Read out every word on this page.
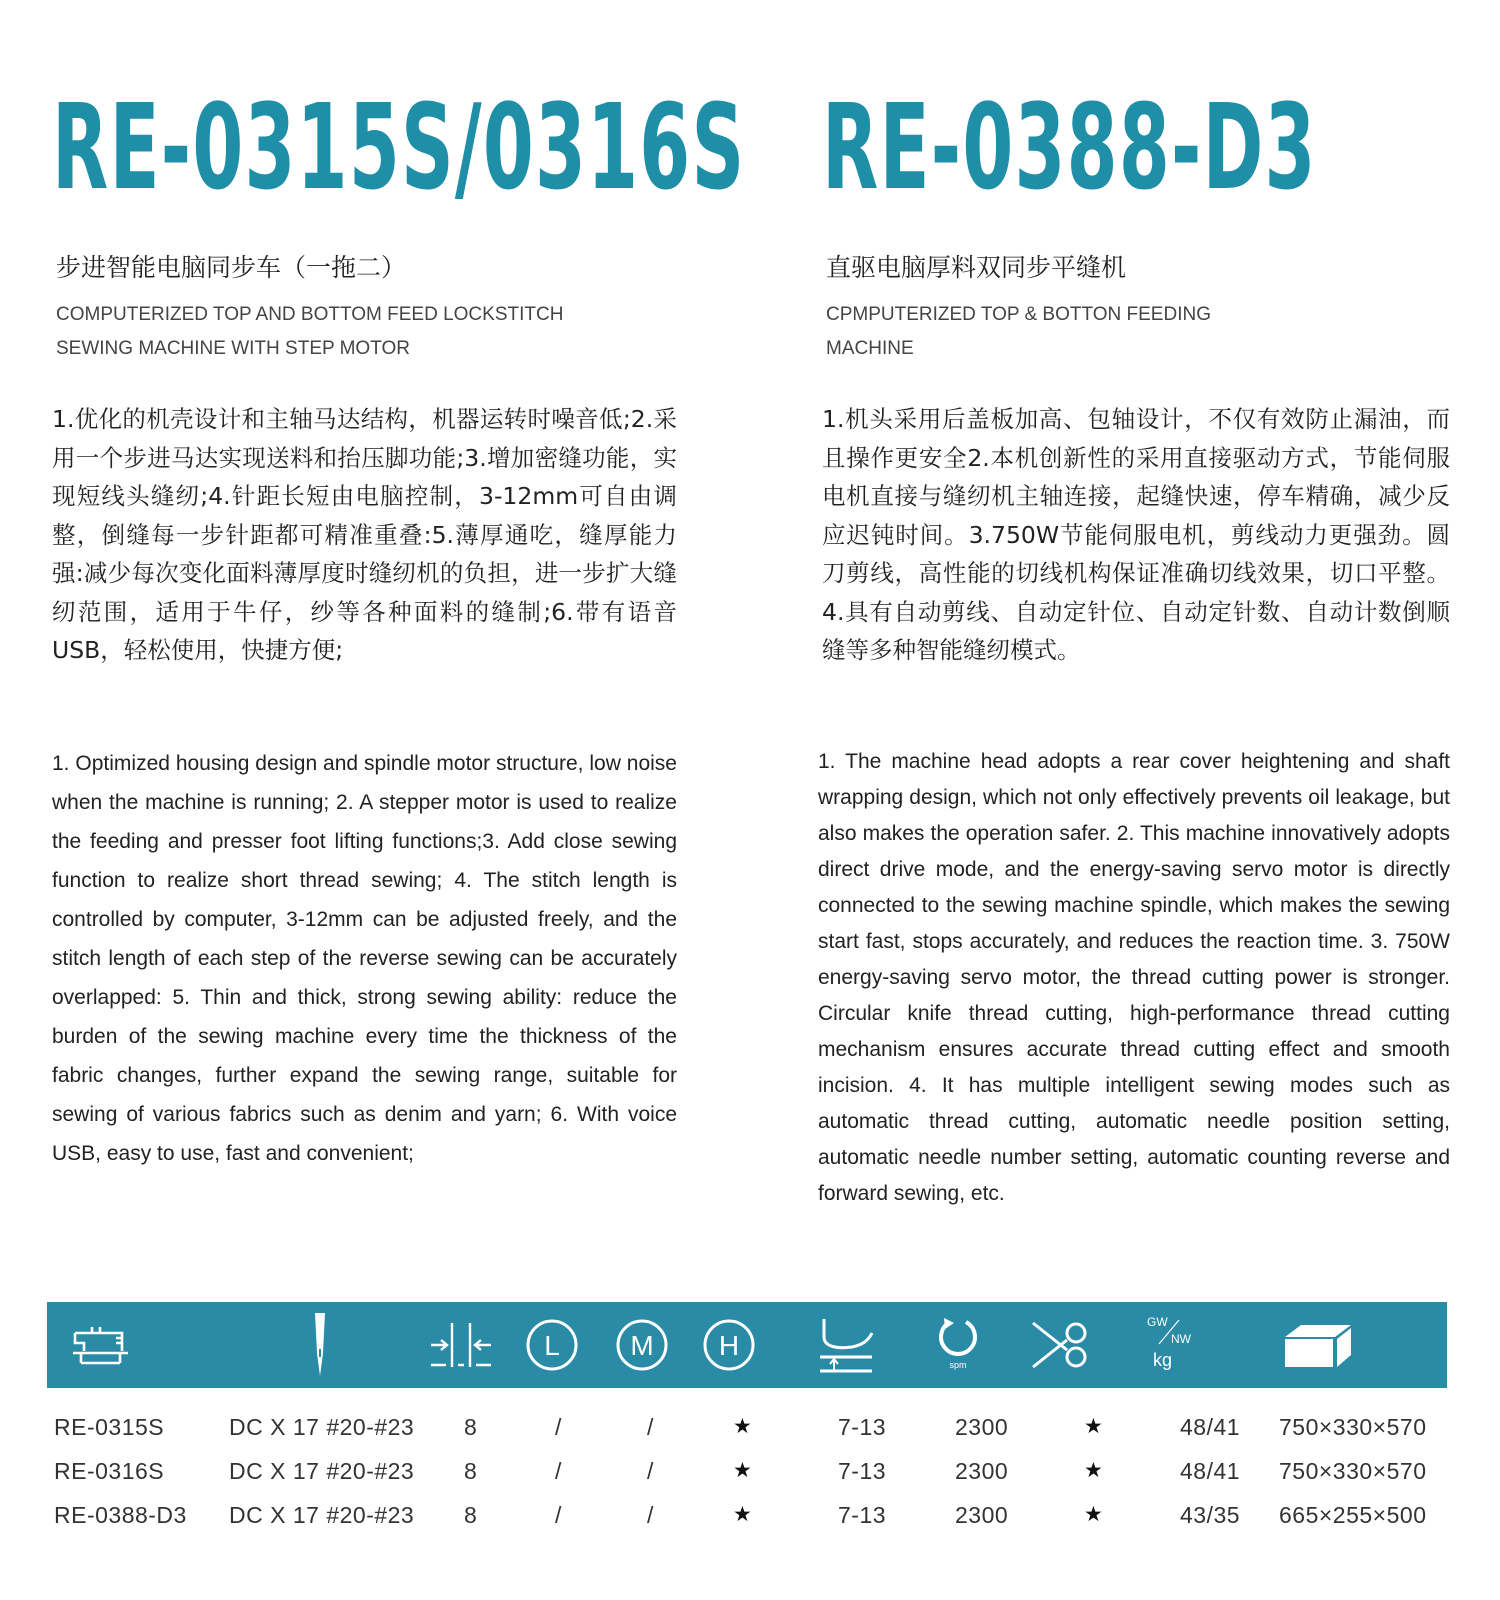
RE-0315S/0316S RE-0388-D3

步进智能电脑同步车（一拖二）

COMPUTERIZED TOP AND BOTTOM FEED LOCKSTITCH

SEWING MACHINE WITH STEP MOTOR

1.优化的机壳设计和主轴马达结构，机器运转时噪音低;2.采用一个步进马达实现送料和抬压脚功能;3.增加密缝功能，实现短线头缝纫;4.针距长短由电脑控制，3-12mm可自由调整，倒缝每一步针距都可精准重叠:5.薄厚通吃，缝厚能力强:减少每次变化面料薄厚度时缝纫机的负担，进一步扩大缝纫范围，适用于牛仔，纱等各种面料的缝制;6.带有语音USB，轻松使用，快捷方便;

1. Optimized housing design and spindle motor structure, low noise when the machine is running; 2. A stepper motor is used to realize the feeding and presser foot lifting functions;3. Add close sewing function to realize short thread sewing; 4. The stitch length is controlled by computer, 3-12mm can be adjusted freely, and the stitch length of each step of the reverse sewing can be accurately overlapped: 5. Thin and thick, strong sewing ability: reduce the burden of the sewing machine every time the thickness of the fabric changes, further expand the sewing range, suitable for sewing of various fabrics such as denim and yarn; 6. With voice USB, easy to use, fast and convenient;

直驱电脑厚料双同步平缝机

CPMPUTERIZED TOP & BOTTON FEEDING

MACHINE

1.机头采用后盖板加高、包轴设计，不仅有效防止漏油，而且操作更安全2.本机创新性的采用直接驱动方式，节能伺服电机直接与缝纫机主轴连接，起缝快速，停车精确，减少反应迟钝时间。3.750W节能伺服电机，剪线动力更强劲。圆刀剪线，高性能的切线机构保证准确切线效果，切口平整。4.具有自动剪线、自动定针位、自动定针数、自动计数倒顺缝等多种智能缝纫模式。

1. The machine head adopts a rear cover heightening and shaft wrapping design, which not only effectively prevents oil leakage, but also makes the operation safer. 2. This machine innovatively adopts direct drive mode, and the energy-saving servo motor is directly connected to the sewing machine spindle, which makes the sewing start fast, stops accurately, and reduces the reaction time. 3. 750W energy-saving servo motor, the thread cutting power is stronger. Circular knife thread cutting, high-performance thread cutting mechanism ensures accurate thread cutting effect and smooth incision. 4. It has multiple intelligent sewing modes such as automatic thread cutting, automatic needle position setting, automatic needle number setting, automatic counting reverse and forward sewing, etc.

L	M H
spm
GW
NW
kg
RE-0315S	DC X 17 #20-#23 8	/	/	★	7-13	2300	★	48/41 750×330×570
RE-0316S	DC X 17 #20-#23 8	/	/	★	7-13	2300	★	48/41 750×330×570
RE-0388-D3 DC X 17 #20-#23 8	/	/	★	7-13	2300	★	43/35 665×255×500
